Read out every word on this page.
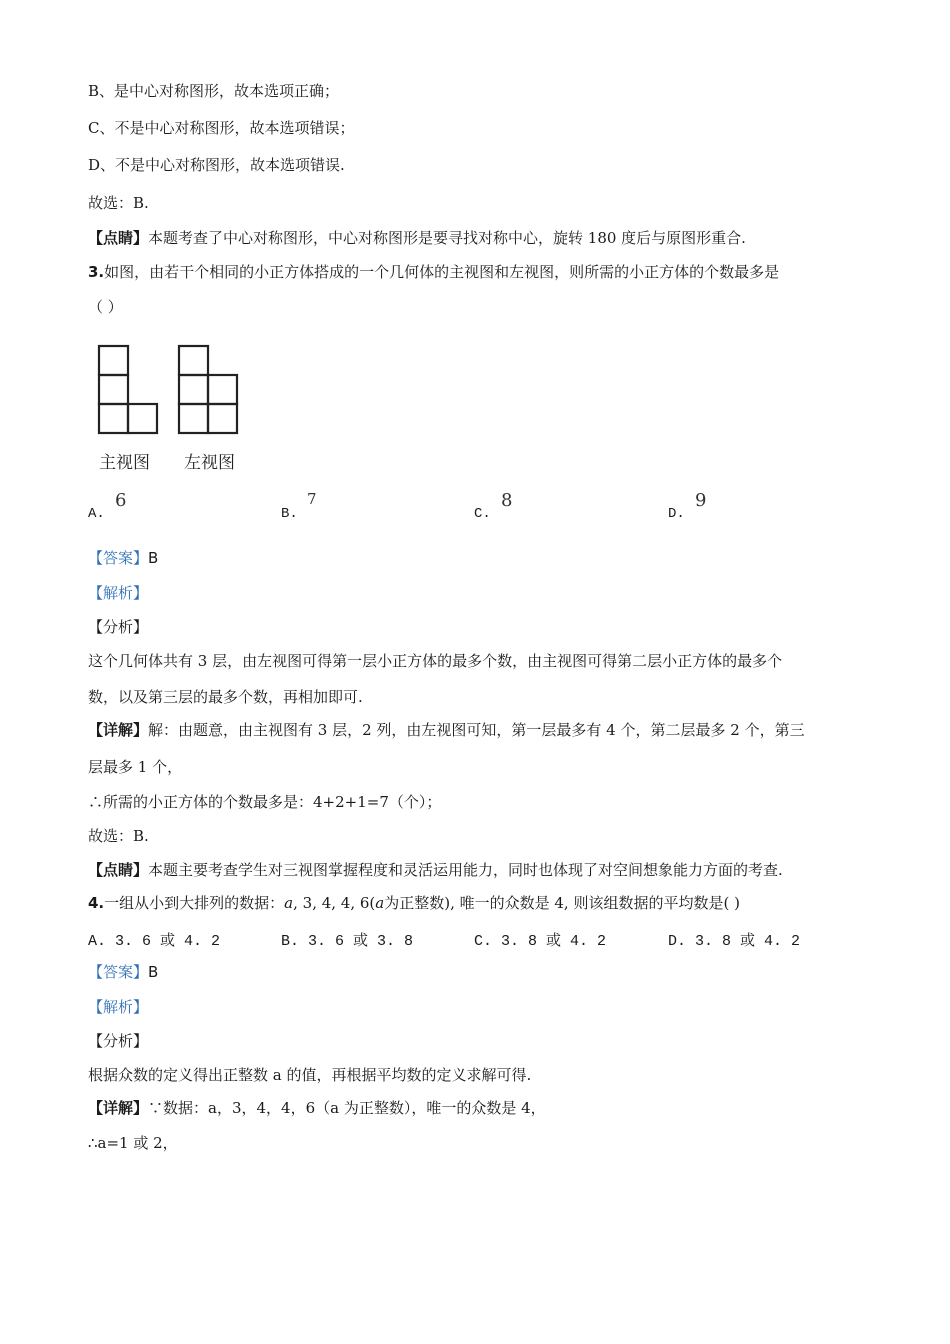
B、是中心对称图形，故本选项正确；
C、不是中心对称图形，故本选项错误；
D、不是中心对称图形，故本选项错误.
故选：B.
【点睛】本题考查了中心对称图形，中心对称图形是要寻找对称中心，旋转 180 度后与原图形重合.
3.如图，由若干个相同的小正方体搭成的一个几何体的主视图和左视图，则所需的小正方体的个数最多是
（ ）
主视图 左视图
A.
6
B.
7
C.
8
D.
9
【答案】B
【解析】
【分析】
这个几何体共有 3 层，由左视图可得第一层小正方体的最多个数，由主视图可得第二层小正方体的最多个
数，以及第三层的最多个数，再相加即可.
【详解】解：由题意，由主视图有 3 层，2 列，由左视图可知，第一层最多有 4 个，第二层最多 2 个，第三
层最多 1 个，
∴所需的小正方体的个数最多是：4+2+1=7（个）；
故选：B.
【点睛】本题主要考查学生对三视图掌握程度和灵活运用能力，同时也体现了对空间想象能力方面的考查.
4.一组从小到大排列的数据：a, 3, 4, 4, 6(a为正整数), 唯一的众数是 4, 则该组数据的平均数是( )
A. 3. 6 或 4. 2	B. 3. 6 或 3. 8	C. 3. 8 或 4. 2	D. 3. 8 或 4. 2
【答案】B
【解析】
【分析】
根据众数的定义得出正整数 a 的值，再根据平均数的定义求解可得.
【详解】∵数据：a，3，4，4，6（a 为正整数），唯一的众数是 4，
∴a=1 或 2，
